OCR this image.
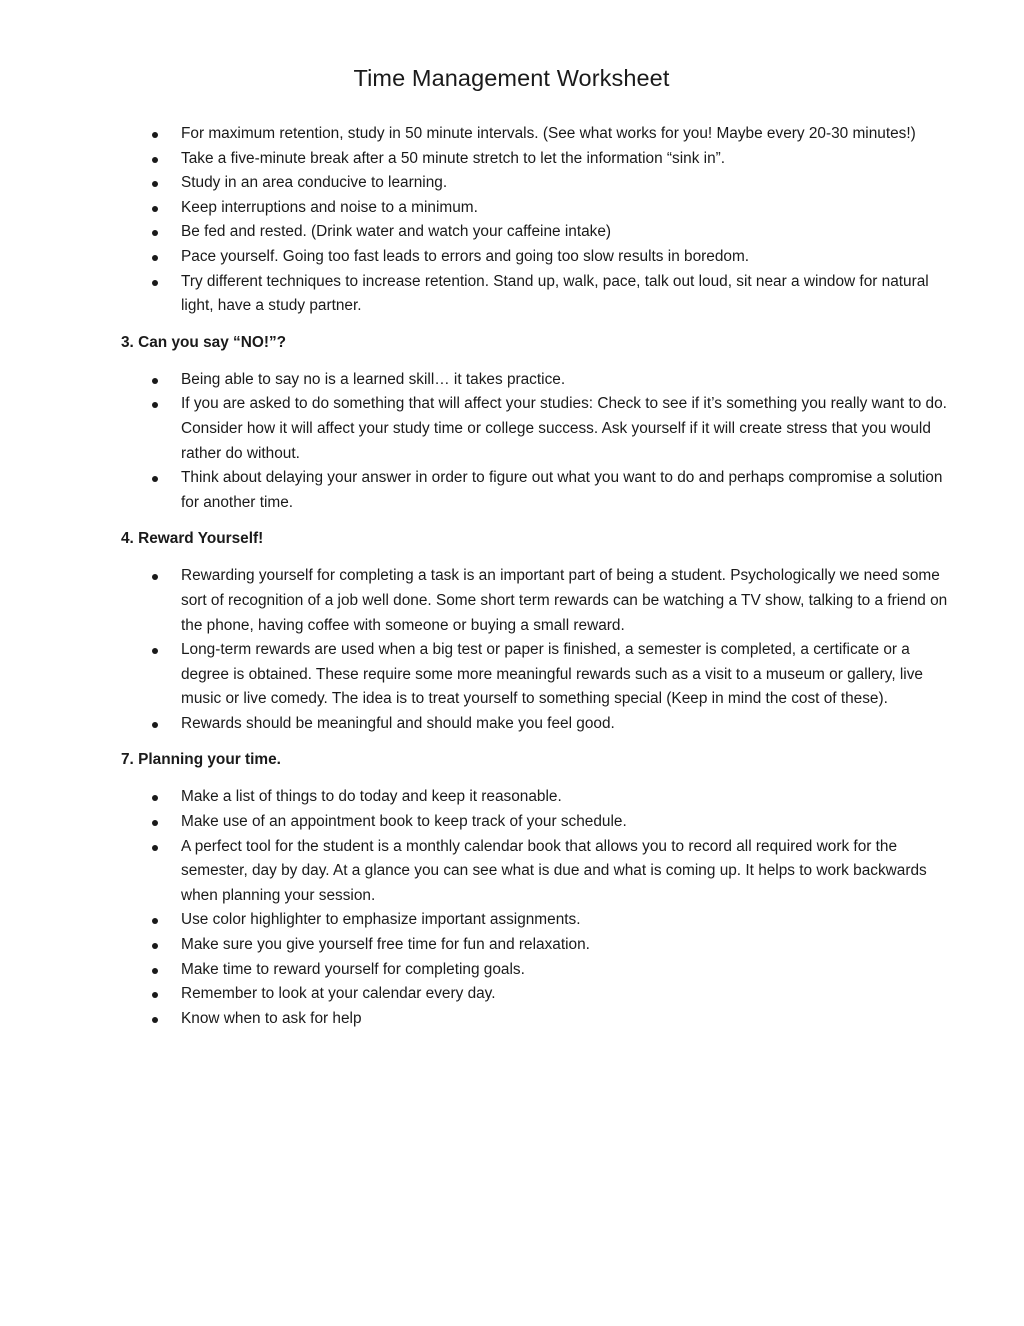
Time Management Worksheet
For maximum retention, study in 50 minute intervals. (See what works for you! Maybe every 20-30 minutes!)
Take a five-minute break after a 50 minute stretch to let the information “sink in”.
Study in an area conducive to learning.
Keep interruptions and noise to a minimum.
Be fed and rested. (Drink water and watch your caffeine intake)
Pace yourself. Going too fast leads to errors and going too slow results in boredom.
Try different techniques to increase retention. Stand up, walk, pace, talk out loud, sit near a window for natural light, have a study partner.
3. Can you say “NO!”?
Being able to say no is a learned skill… it takes practice.
If you are asked to do something that will affect your studies: Check to see if it’s something you really want to do. Consider how it will affect your study time or college success. Ask yourself if it will create stress that you would rather do without.
Think about delaying your answer in order to figure out what you want to do and perhaps compromise a solution for another time.
4. Reward Yourself!
Rewarding yourself for completing a task is an important part of being a student. Psychologically we need some sort of recognition of a job well done. Some short term rewards can be watching a TV show, talking to a friend on the phone, having coffee with someone or buying a small reward.
Long-term rewards are used when a big test or paper is finished, a semester is completed, a certificate or a degree is obtained. These require some more meaningful rewards such as a visit to a museum or gallery, live music or live comedy. The idea is to treat yourself to something special (Keep in mind the cost of these).
Rewards should be meaningful and should make you feel good.
7. Planning your time.
Make a list of things to do today and keep it reasonable.
Make use of an appointment book to keep track of your schedule.
A perfect tool for the student is a monthly calendar book that allows you to record all required work for the semester, day by day. At a glance you can see what is due and what is coming up. It helps to work backwards when planning your session.
Use color highlighter to emphasize important assignments.
Make sure you give yourself free time for fun and relaxation.
Make time to reward yourself for completing goals.
Remember to look at your calendar every day.
Know when to ask for help
